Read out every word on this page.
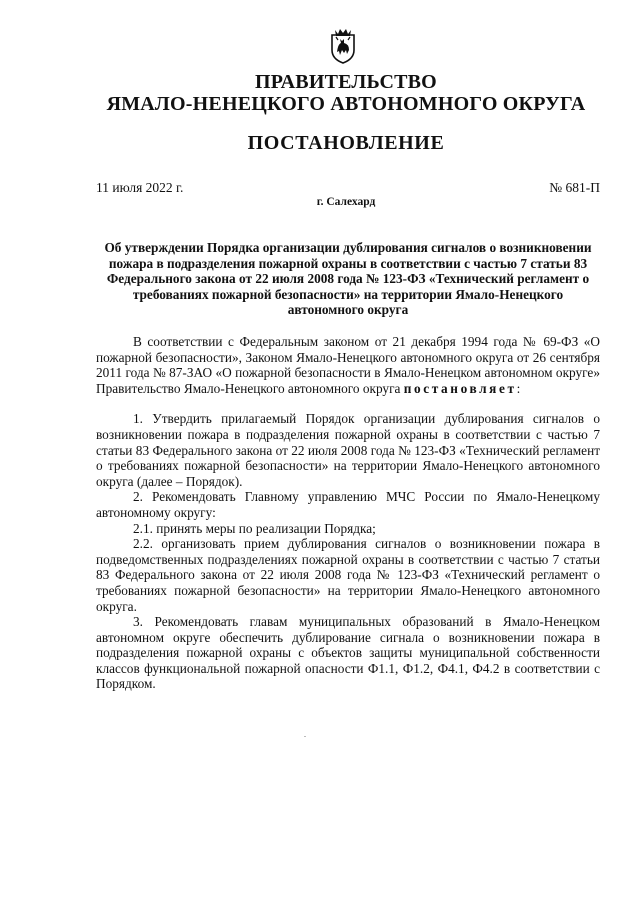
ПРАВИТЕЛЬСТВО
ЯМАЛО-НЕНЕЦКОГО АВТОНОМНОГО ОКРУГА
ПОСТАНОВЛЕНИЕ
11 июля 2022 г.	№ 681-П
г. Салехард
Об утверждении Порядка организации дублирования сигналов о возникновении пожара в подразделения пожарной охраны в соответствии с частью 7 статьи 83 Федерального закона от 22 июля 2008 года № 123-ФЗ «Технический регламент о требованиях пожарной безопасности» на территории Ямало-Ненецкого автономного округа

В соответствии с Федеральным законом от 21 декабря 1994 года № 69-ФЗ «О пожарной безопасности», Законом Ямало-Ненецкого автономного округа от 26 сентября 2011 года № 87-ЗАО «О пожарной безопасности в Ямало-Ненецком автономном округе» Правительство Ямало-Ненецкого автономного округа постановляет:

1. Утвердить прилагаемый Порядок организации дублирования сигналов о возникновении пожара в подразделения пожарной охраны в соответствии с частью 7 статьи 83 Федерального закона от 22 июля 2008 года № 123-ФЗ «Технический регламент о требованиях пожарной безопасности» на территории Ямало-Ненецкого автономного округа (далее – Порядок).

2. Рекомендовать Главному управлению МЧС России по Ямало-Ненецкому автономному округу:

2.1. принять меры по реализации Порядка;

2.2. организовать прием дублирования сигналов о возникновении пожара в подведомственных подразделениях пожарной охраны в соответствии с частью 7 статьи 83 Федерального закона от 22 июля 2008 года № 123-ФЗ «Технический регламент о требованиях пожарной безопасности» на территории Ямало-Ненецкого автономного округа.

3. Рекомендовать главам муниципальных образований в Ямало-Ненецком автономном округе обеспечить дублирование сигнала о возникновении пожара в подразделения пожарной охраны с объектов защиты муниципальной собственности классов функциональной пожарной опасности Ф1.1, Ф1.2, Ф4.1, Ф4.2 в соответствии с Порядком.
